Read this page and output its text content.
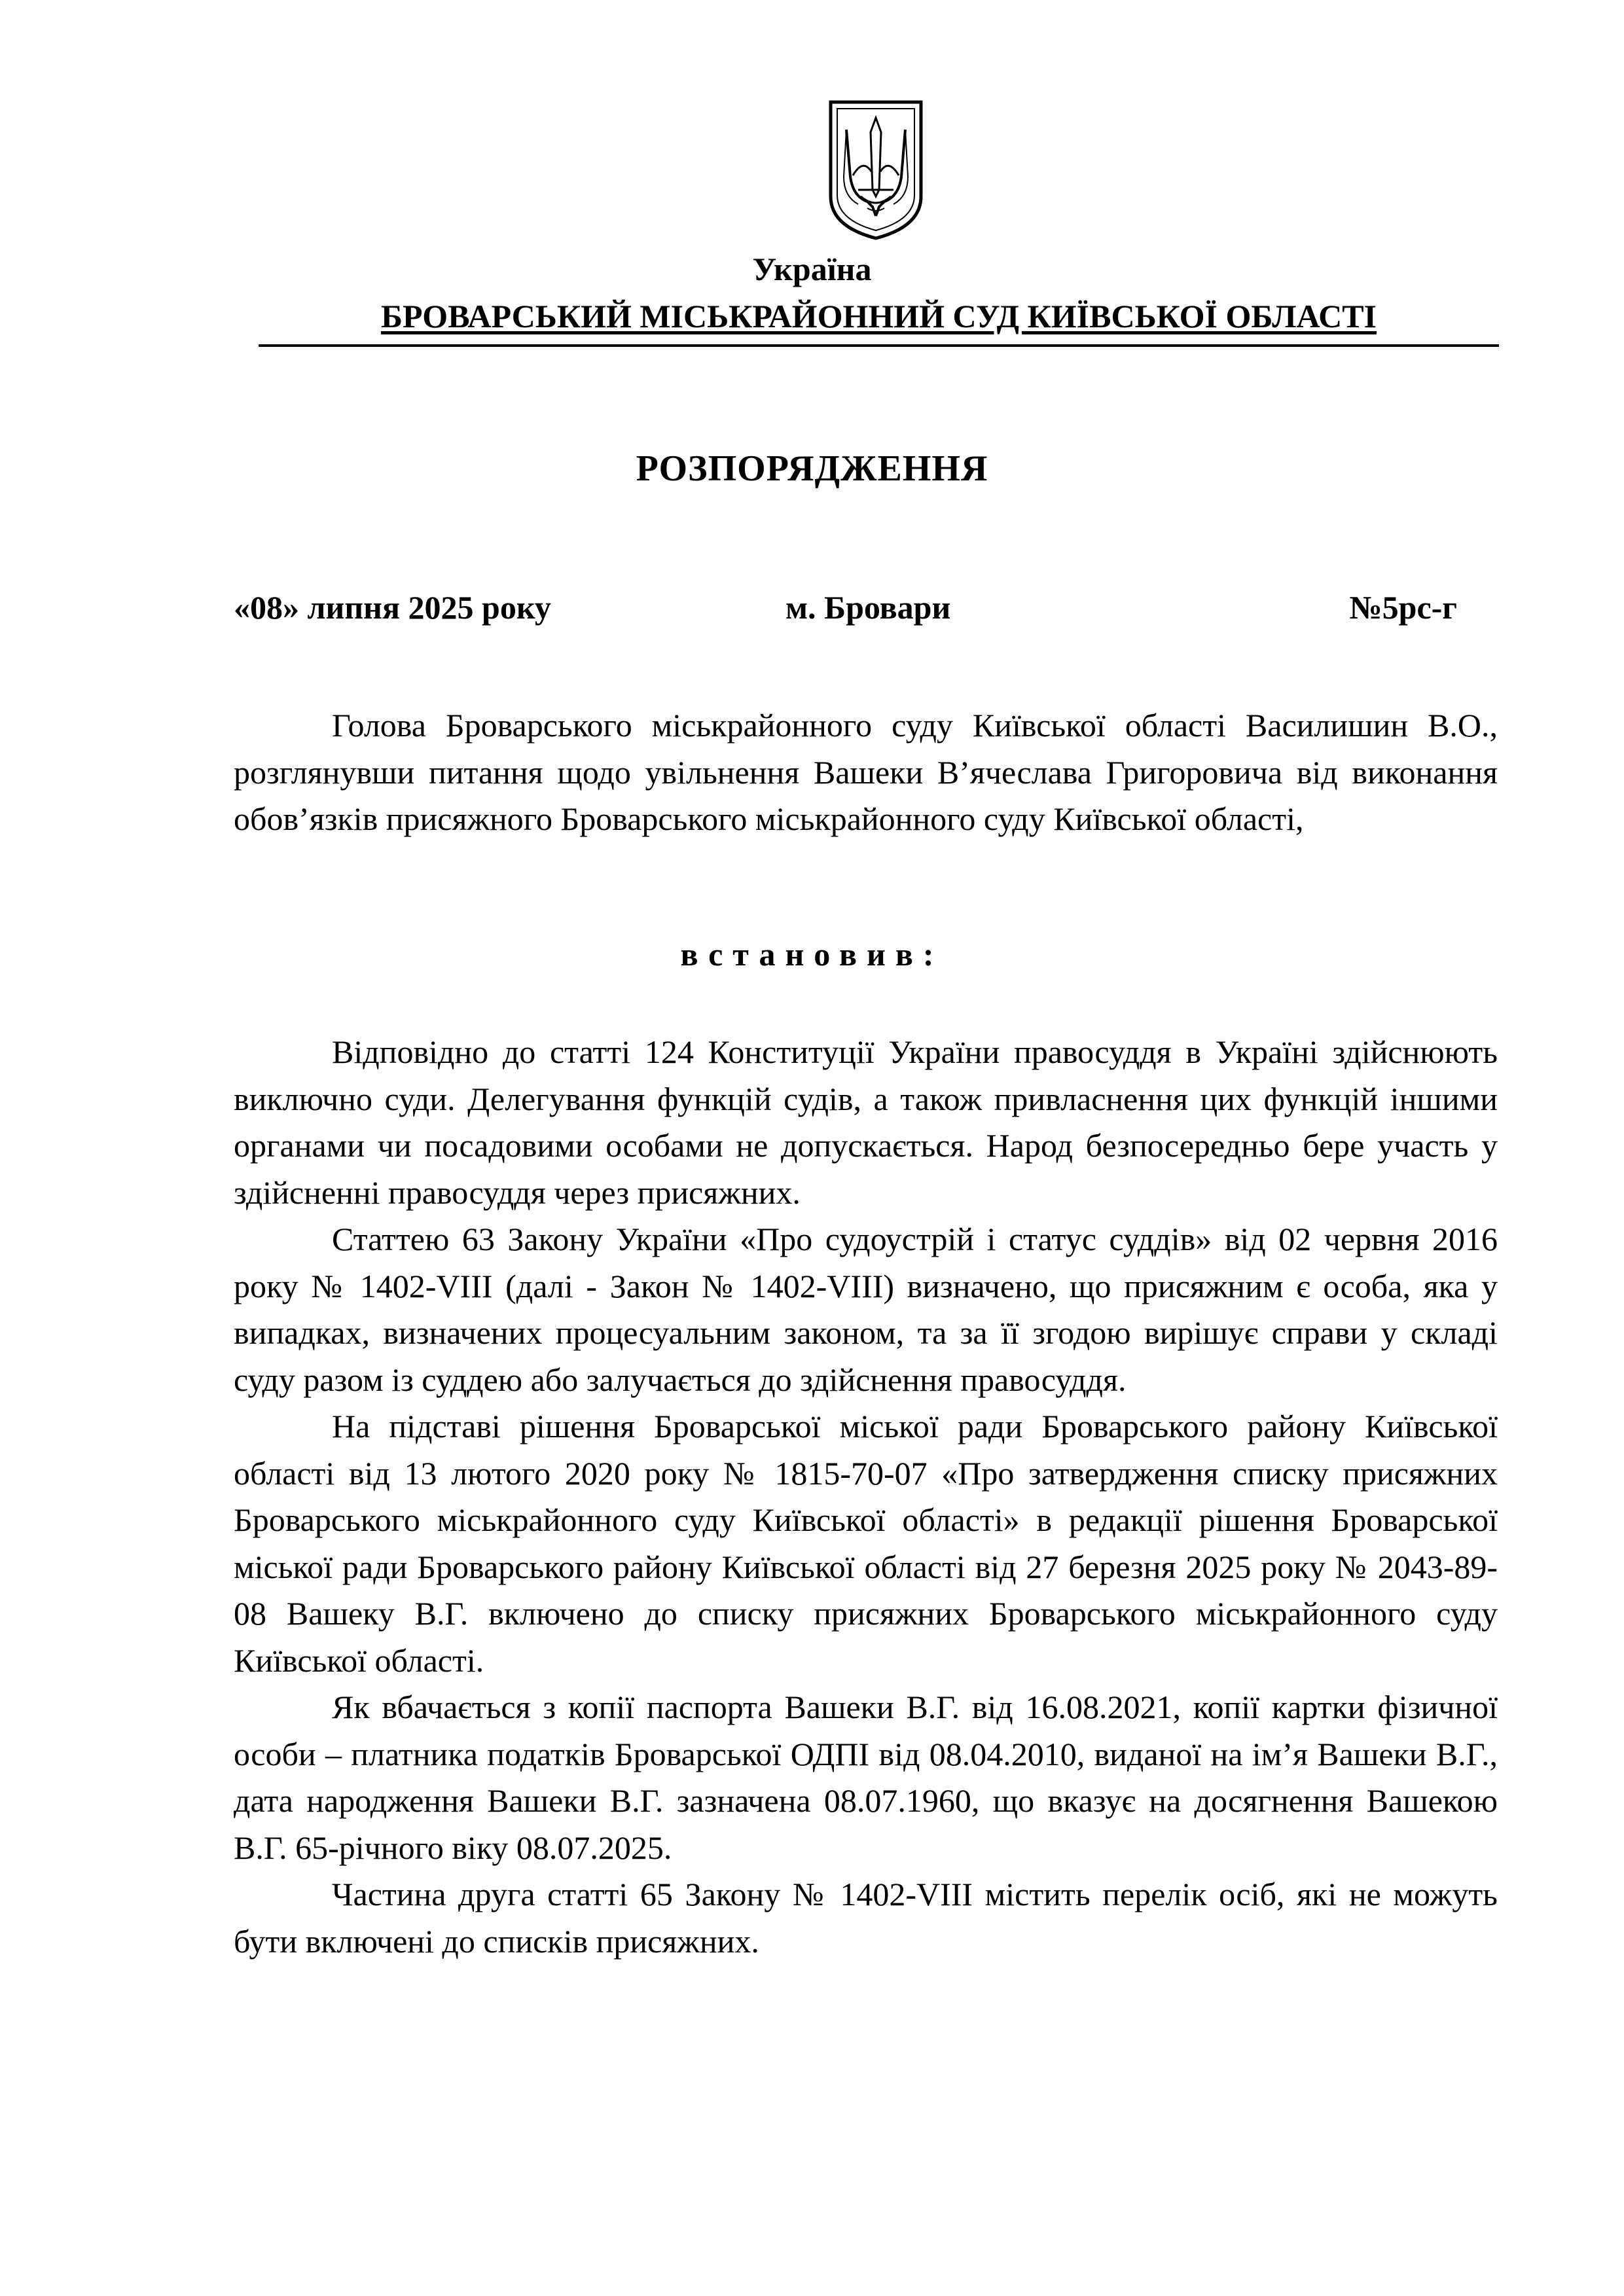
Україна
БРОВАРСЬКИЙ МІСЬКРАЙОННИЙ СУД КИЇВСЬКОЇ ОБЛАСТІ
РОЗПОРЯДЖЕННЯ
«08» липня 2025 року	м. Бровари	№5рс-г

Голова Броварського міськрайонного суду Київської області Василишин В.О., розглянувши питання щодо увільнення Вашеки В’ячеслава Григоровича від виконання обов’язків присяжного Броварського міськрайонного суду Київської області,

встановив:

Відповідно до статті 124 Конституції України правосуддя в Україні здійснюють виключно суди. Делегування функцій судів, а також привласнення цих функцій іншими органами чи посадовими особами не допускається. Народ безпосередньо бере участь у здійсненні правосуддя через присяжних.

Статтею 63 Закону України «Про судоустрій і статус суддів» від 02 червня 2016 року № 1402-VIII (далі - Закон № 1402-VIII) визначено, що присяжним є особа, яка у випадках, визначених процесуальним законом, та за її згодою вирішує справи у складі суду разом із суддею або залучається до здійснення правосуддя.

На підставі рішення Броварської міської ради Броварського району Київської області від 13 лютого 2020 року № 1815-70-07 «Про затвердження списку присяжних Броварського міськрайонного суду Київської області» в редакції рішення Броварської міської ради Броварського району Київської області від 27 березня 2025 року № 2043-89-08 Вашеку В.Г. включено до списку присяжних Броварського міськрайонного суду Київської області.

Як вбачається з копії паспорта Вашеки В.Г. від 16.08.2021, копії картки фізичної особи – платника податків Броварської ОДПІ від 08.04.2010, виданої на ім’я Вашеки В.Г., дата народження Вашеки В.Г. зазначена 08.07.1960, що вказує на досягнення Вашекою В.Г. 65-річного віку 08.07.2025.

Частина друга статті 65 Закону № 1402-VIII містить перелік осіб, які не можуть бути включені до списків присяжних.
